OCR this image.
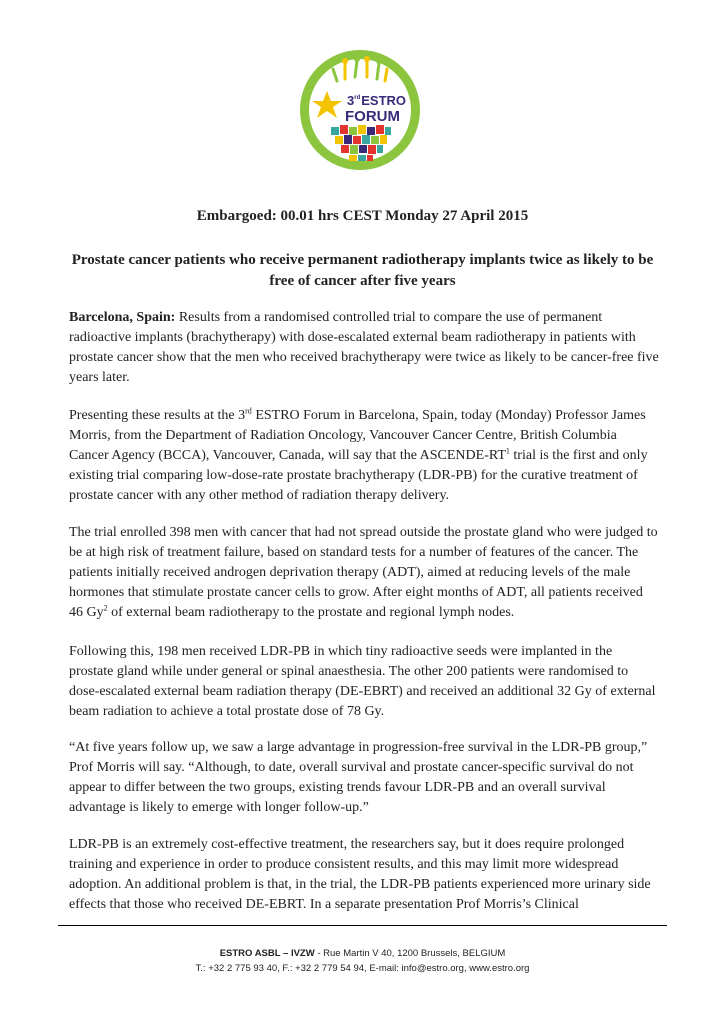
3rdESTRO
FORUM
Embargoed: 00.01 hrs CEST Monday 27 April 2015
Prostate cancer patients who receive permanent radiotherapy implants twice as likely to be free of cancer after five years

Barcelona, Spain: Results from a randomised controlled trial to compare the use of permanent radioactive implants (brachytherapy) with dose-escalated external beam radiotherapy in patients with prostate cancer show that the men who received brachytherapy were twice as likely to be cancer-free five years later.

Presenting these results at the 3rd ESTRO Forum in Barcelona, Spain, today (Monday) Professor James Morris, from the Department of Radiation Oncology, Vancouver Cancer Centre, British Columbia Cancer Agency (BCCA), Vancouver, Canada, will say that the ASCENDE-$RT^1$ trial is the first and only existing trial comparing low-dose-rate prostate brachytherapy (LDR-PB) for the curative treatment of prostate cancer with any other method of radiation therapy delivery.

The trial enrolled 398 men with cancer that had not spread outside the prostate gland who were judged to be at high risk of treatment failure, based on standard tests for a number of features of the cancer. The patients initially received androgen deprivation therapy (ADT), aimed at reducing levels of the male hormones that stimulate prostate cancer cells to grow. After eight months of ADT, all patients received 46 Gy$^2$ of external beam radiotherapy to the prostate and regional lymph nodes.

Following this, 198 men received LDR-PB in which tiny radioactive seeds were implanted in the prostate gland while under general or spinal anaesthesia. The other 200 patients were randomised to dose-escalated external beam radiation therapy (DE-EBRT) and received an additional 32 Gy of external beam radiation to achieve a total prostate dose of 78 Gy.

“At five years follow up, we saw a large advantage in progression-free survival in the LDR-PB group,” Prof Morris will say. “Although, to date, overall survival and prostate cancer-specific survival do not appear to differ between the two groups, existing trends favour LDR-PB and an overall survival advantage is likely to emerge with longer follow-up.”

LDR-PB is an extremely cost-effective treatment, the researchers say, but it does require prolonged training and experience in order to produce consistent results, and this may limit more widespread adoption. An additional problem is that, in the trial, the LDR-PB patients experienced more urinary side effects that those who received DE-EBRT. In a separate presentation Prof Morris’s Clinical

ESTRO ASBL – IVZW - Rue Martin V 40, 1200 Brussels, BELGIUM
T.: +32 2 775 93 40, F.: +32 2 779 54 94, E-mail: info@estro.org, www.estro.org
